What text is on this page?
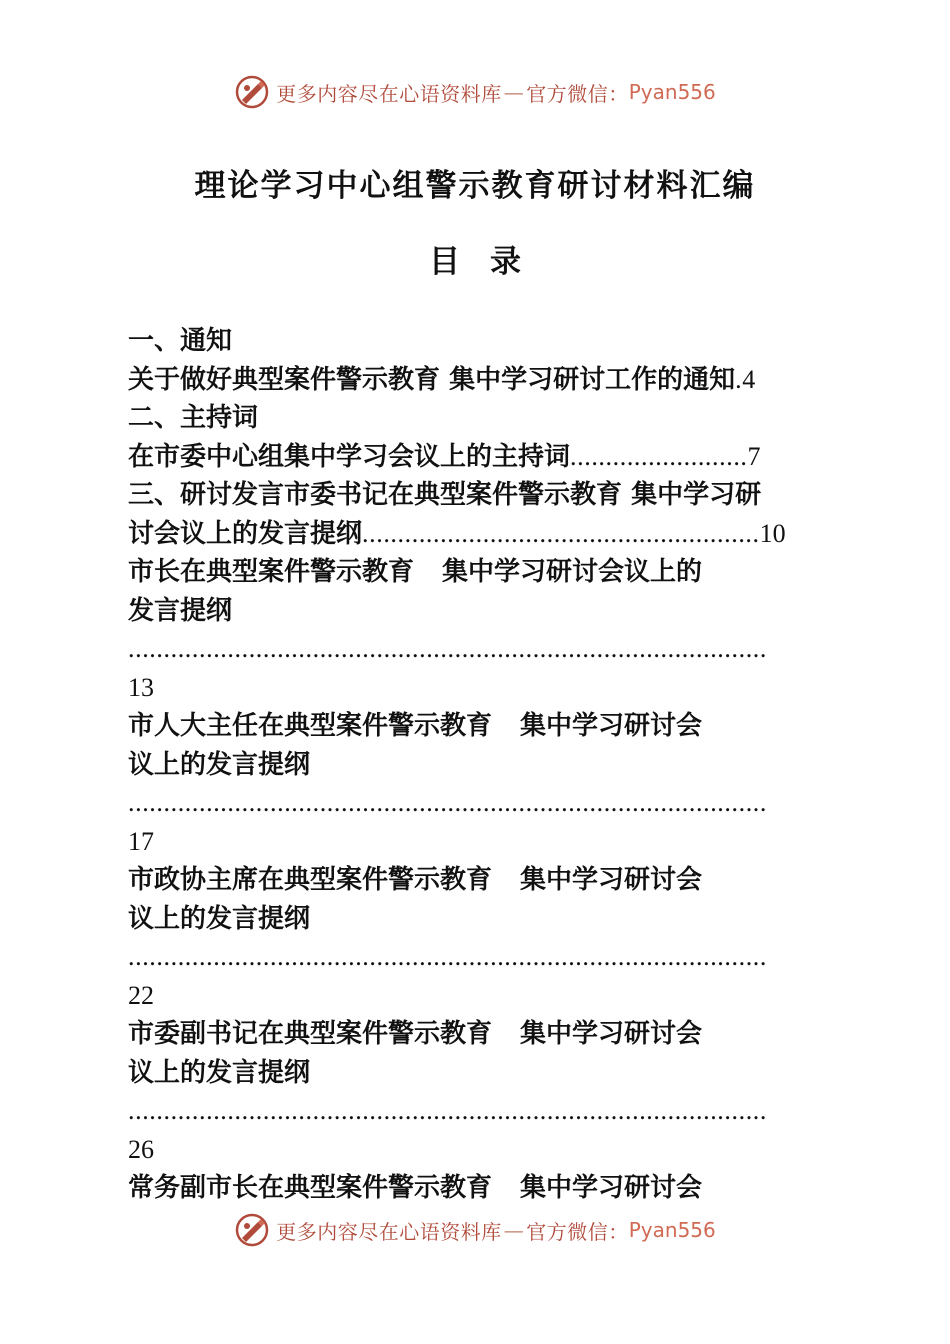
更多内容尽在心语资料库 — 官方微信： Pyan556
理论学习中心组警示教育研讨材料汇编
目录
一、通知
关于做好典型案件警示教育 集中学习研讨工作的通知.4
二、主持词
在市委中心组集中学习会议上的主持词.........................7
三、研讨发言市委书记在典型案件警示教育 集中学习研
讨会议上的发言提纲........................................................10
市长在典型案件警示教育 集中学习研讨会议上的
发言提纲
..........................................................................................
13
市人大主任在典型案件警示教育 集中学习研讨会
议上的发言提纲
..........................................................................................
17
市政协主席在典型案件警示教育 集中学习研讨会
议上的发言提纲
..........................................................................................
22
市委副书记在典型案件警示教育 集中学习研讨会
议上的发言提纲
..........................................................................................
26
常务副市长在典型案件警示教育 集中学习研讨会
更多内容尽在心语资料库 — 官方微信： Pyan556
